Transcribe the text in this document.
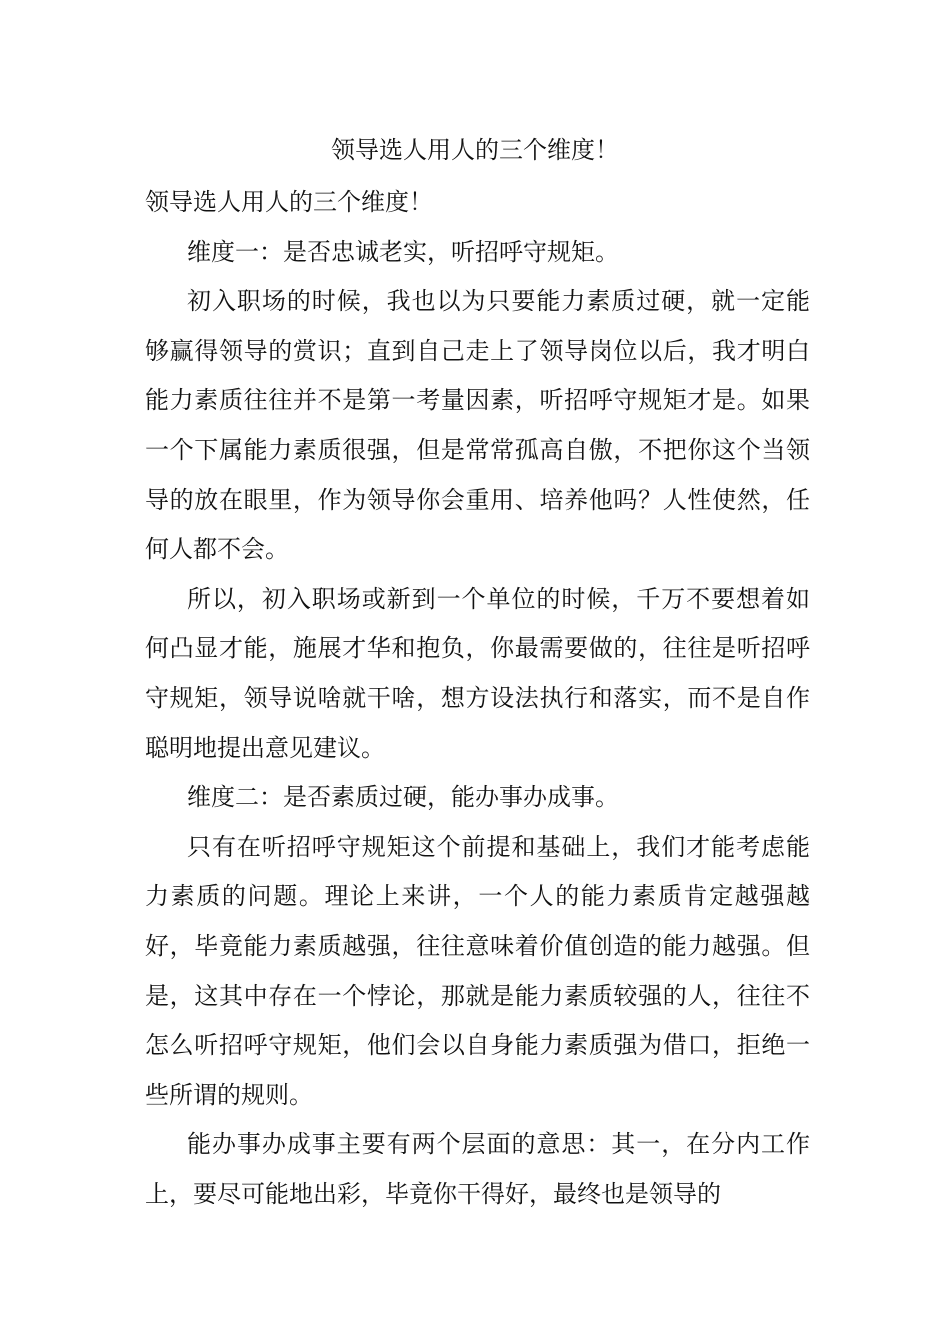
领导选人用人的三个维度！

领导选人用人的三个维度！

维度一：是否忠诚老实，听招呼守规矩。

初入职场的时候，我也以为只要能力素质过硬，就一定能够赢得领导的赏识；直到自己走上了领导岗位以后，我才明白能力素质往往并不是第一考量因素，听招呼守规矩才是。如果一个下属能力素质很强，但是常常孤高自傲，不把你这个当领导的放在眼里，作为领导你会重用、培养他吗？人性使然，任何人都不会。

所以，初入职场或新到一个单位的时候，千万不要想着如何凸显才能，施展才华和抱负，你最需要做的，往往是听招呼守规矩，领导说啥就干啥，想方设法执行和落实，而不是自作聪明地提出意见建议。

维度二：是否素质过硬，能办事办成事。

只有在听招呼守规矩这个前提和基础上，我们才能考虑能力素质的问题。理论上来讲，一个人的能力素质肯定越强越好，毕竟能力素质越强，往往意味着价值创造的能力越强。但是，这其中存在一个悖论，那就是能力素质较强的人，往往不怎么听招呼守规矩，他们会以自身能力素质强为借口，拒绝一些所谓的规则。

能办事办成事主要有两个层面的意思：其一，在分内工作上，要尽可能地出彩，毕竟你干得好，最终也是领导的
